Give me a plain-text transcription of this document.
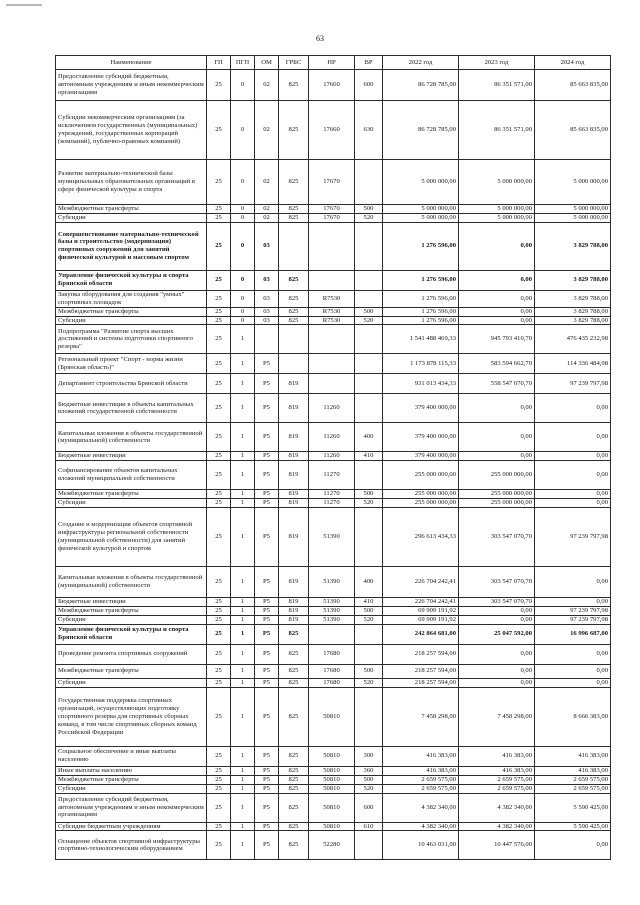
63
Наименование	ГП	ПГП	ОМ	ГРБС	НР	ВР	2022 год	2023 год	2024 год
Предоставление субсидий бюджетным, автономным учреждениям и иным некоммерческим организациям	25	0	02	825	17660	600	86 728 785,00	86 351 571,00	85 663 835,00
Субсидии некоммерческим организациям (за исключением государственных (муниципальных) учреждений, государственных корпораций (компаний), публично-правовых компаний)	25	0	02	825	17660	630	86 728 785,00	86 351 571,00	85 663 835,00
Развитие материально-технической базы муниципальных образовательных организаций в сфере физической культуры и спорта	25	0	02	825	17670		5 000 000,00	5 000 000,00	5 000 000,00
Межбюджетные трансферты	25	0	02	825	17670	500	5 000 000,00	5 000 000,00	5 000 000,00
Субсидии	25	0	02	825	17670	520	5 000 000,00	5 000 000,00	5 000 000,00
Совершенствование материально-технической базы и строительство (модернизация) спортивных сооружений для занятий физической культурой и массовым спортом	25	0	03				1 276 596,00	0,00	3 829 788,00
Управление физической культуры и спорта Брянской области	25	0	03	825			1 276 596,00	0,00	3 829 788,00
Закупка оборудования для создания "умных" спортивных площадок	25	0	03	825	R7530		1 276 596,00	0,00	3 829 788,00
Межбюджетные трансферты	25	0	03	825	R7530	500	1 276 596,00	0,00	3 829 788,00
Субсидии	25	0	03	825	R7530	520	1 276 596,00	0,00	3 829 788,00
Подпрограмма "Развитие спорта высших достижений и системы подготовки спортивного резерва"	25	1					1 541 488 469,33	945 793 410,70	476 435 232,98
Региональный проект "Спорт - норма жизни (Брянская область)"	25	1	P5				1 173 878 115,33	583 594 662,70	114 336 484,98
Департамент строительства Брянской области	25	1	P5	819			931 013 434,33	558 547 070,70	97 239 797,98
Бюджетные инвестиции в объекты капитальных вложений государственной собственности	25	1	P5	819	11260		379 400 000,00	0,00	0,00
Капитальные вложения в объекты государственной (муниципальной) собственности	25	1	P5	819	11260	400	379 400 000,00	0,00	0,00
Бюджетные инвестиции	25	1	P5	819	11260	410	379 400 000,00	0,00	0,00
Софинансирование объектов капитальных вложений муниципальной собственности	25	1	P5	819	11270		255 000 000,00	255 000 000,00	0,00
Межбюджетные трансферты	25	1	P5	819	11270	500	255 000 000,00	255 000 000,00	0,00
Субсидии	25	1	P5	819	11270	520	255 000 000,00	255 000 000,00	0,00
Создание и модернизация объектов спортивной инфраструктуры региональной собственности (муниципальной собственности) для занятий физической культурой и спортом	25	1	P5	819	51390		296 613 434,33	303 547 070,70	97 239 797,98
Капитальные вложения в объекты государственной (муниципальной) собственности	25	1	P5	819	51390	400	226 704 242,41	303 547 070,70	0,00
Бюджетные инвестиции	25	1	P5	819	51390	410	226 704 242,41	303 547 070,70	0,00
Межбюджетные трансферты	25	1	P5	819	51390	500	69 909 191,92	0,00	97 239 797,98
Субсидии	25	1	P5	819	51390	520	69 909 191,92	0,00	97 239 797,98
Управление физической культуры и спорта Брянской области	25	1	P5	825			242 864 681,00	25 047 592,00	16 996 687,00
Проведение ремонта спортивных сооружений	25	1	P5	825	17680		218 257 594,00	0,00	0,00
Межбюджетные трансферты	25	1	P5	825	17680	500	218 257 594,00	0,00	0,00
Субсидии	25	1	P5	825	17680	520	218 257 594,00	0,00	0,00
Государственная поддержка спортивных организаций, осуществляющих подготовку спортивного резерва для спортивных сборных команд, в том числе спортивных сборных команд Российской Федерации	25	1	P5	825	50810		7 458 298,00	7 458 298,00	8 666 383,00
Социальное обеспечение и иные выплаты населению	25	1	P5	825	50810	300	416 383,00	416 383,00	416 383,00
Иные выплаты населению	25	1	P5	825	50810	360	416 383,00	416 383,00	416 383,00
Межбюджетные трансферты	25	1	P5	825	50810	500	2 659 575,00	2 659 575,00	2 659 575,00
Субсидии	25	1	P5	825	50810	520	2 659 575,00	2 659 575,00	2 659 575,00
Предоставление субсидий бюджетным, автономным учреждениям и иным некоммерческим организациям	25	1	P5	825	50810	600	4 382 340,00	4 382 340,00	5 590 425,00
Субсидии бюджетным учреждениям	25	1	P5	825	50810	610	4 382 340,00	4 382 340,00	5 590 425,00
Оснащение объектов спортивной инфраструктуры спортивно-технологическим оборудованием	25	1	P5	825	52280		10 463 031,00	10 447 576,00	0,00
